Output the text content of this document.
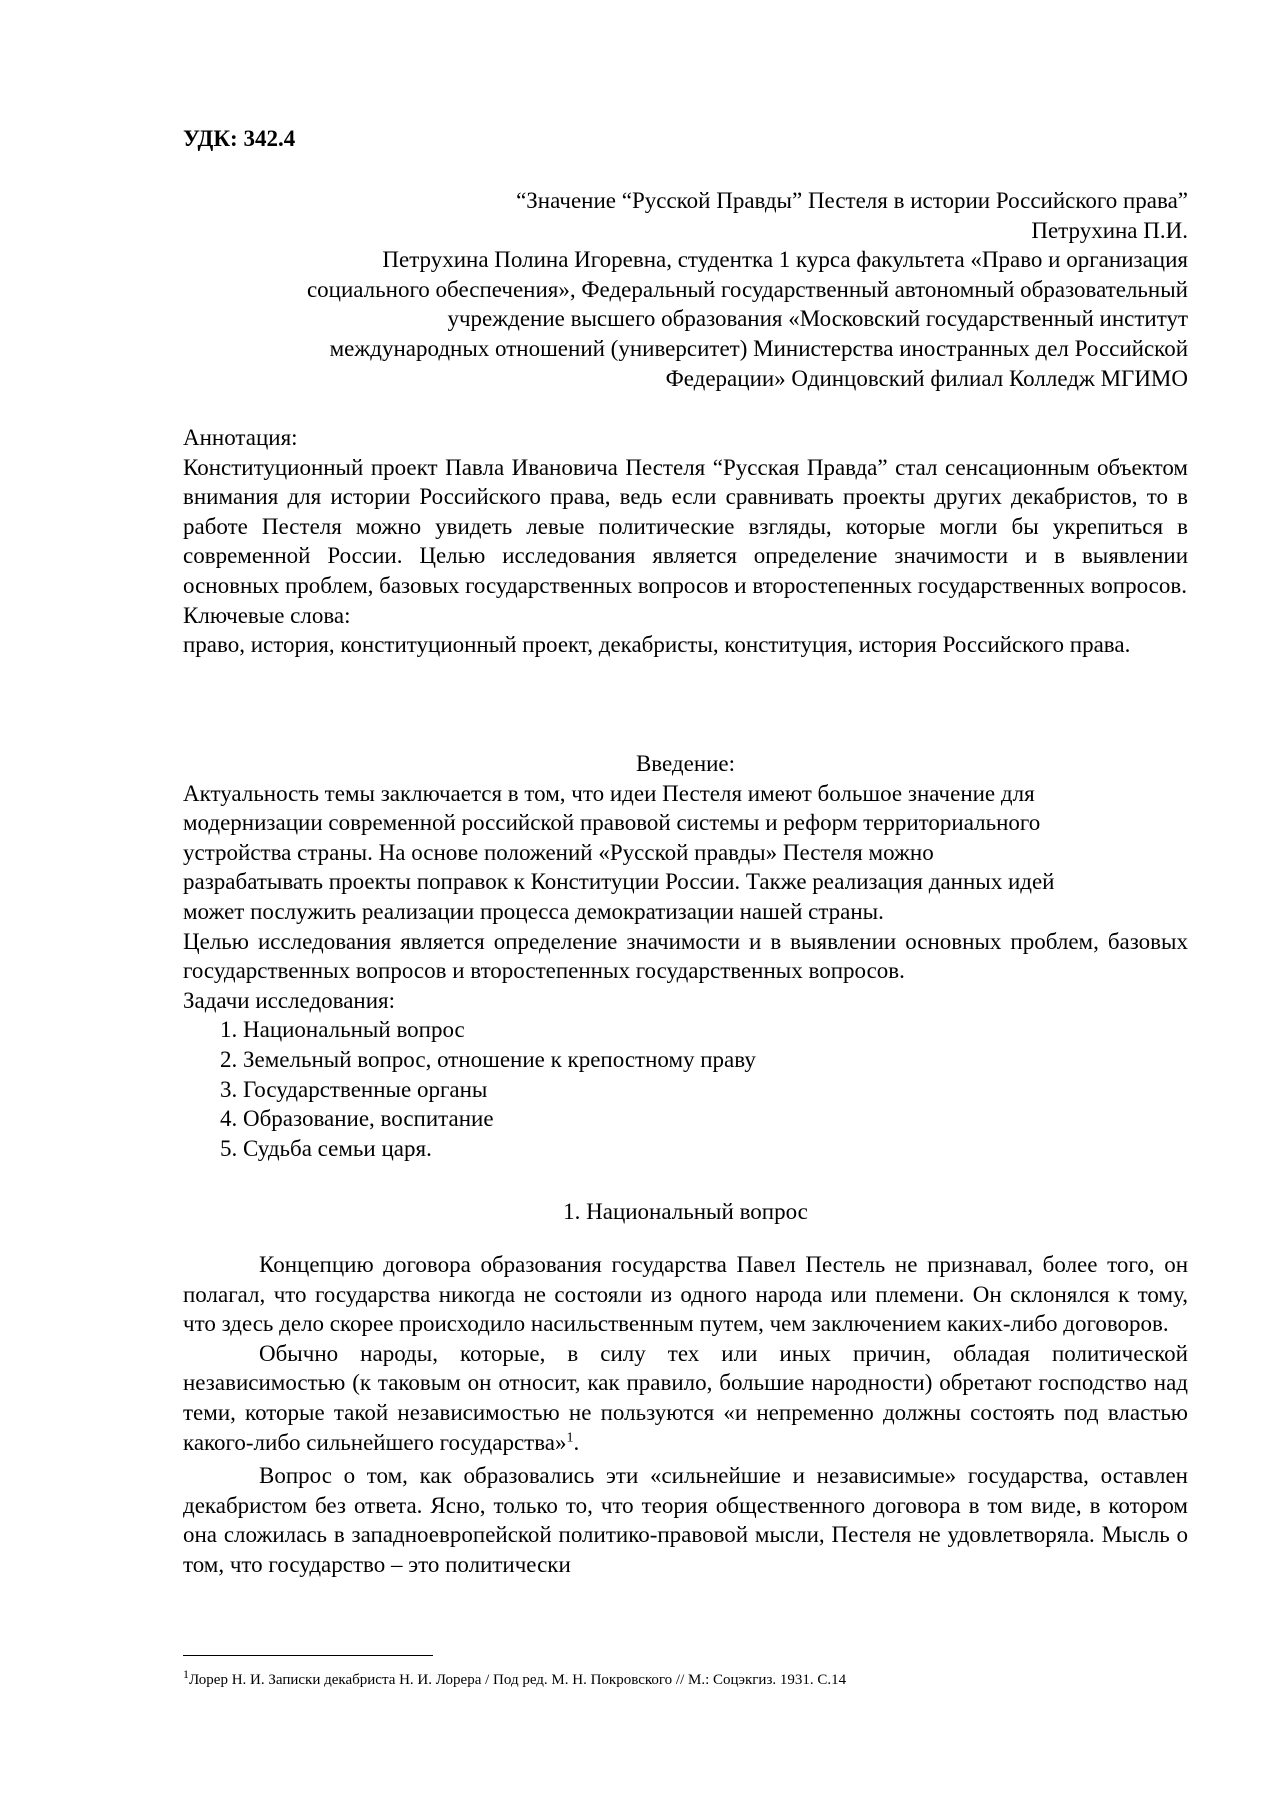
УДК: 342.4

“Значение “Русской Правды” Пестеля в истории Российского права”

Петрухина П.И.

Петрухина Полина Игоревна, студентка 1 курса факультета «Право и организация

социального обеспечения», Федеральный государственный автономный образовательный

учреждение высшего образования «Московский государственный институт

международных отношений (университет) Министерства иностранных дел Российской

Федерации» Одинцовский филиал Колледж МГИМО

Аннотация:

Конституционный проект Павла Ивановича Пестеля “Русская Правда” стал сенсационным объектом внимания для истории Российского права, ведь если сравнивать проекты других декабристов, то в работе Пестеля можно увидеть левые политические взгляды, которые могли бы укрепиться в современной России. Целью исследования является определение значимости и в выявлении основных проблем, базовых государственных вопросов и второстепенных государственных вопросов.

Ключевые слова:

право, история, конституционный проект, декабристы, конституция, история Российского права.

Введение:

Актуальность темы заключается в том, что идеи Пестеля имеют большое значение для

модернизации современной российской правовой системы и реформ территориального

устройства страны. На основе положений «Русской правды» Пестеля можно

разрабатывать проекты поправок к Конституции России. Также реализация данных идей

может послужить реализации процесса демократизации нашей страны.

Целью исследования является определение значимости и в выявлении основных проблем, базовых государственных вопросов и второстепенных государственных вопросов.

Задачи исследования:

1. Национальный вопрос
2. Земельный вопрос, отношение к крепостному праву
3. Государственные органы
4. Образование, воспитание
5. Судьба семьи царя.

1. Национальный вопрос

Концепцию договора образования государства Павел Пестель не признавал, более того, он полагал, что государства никогда не состояли из одного народа или племени. Он склонялся к тому, что здесь дело скорее происходило насильственным путем, чем заключением каких-либо договоров.

Обычно народы, которые, в силу тех или иных причин, обладая политической независимостью (к таковым он относит, как правило, большие народности) обретают господство над теми, которые такой независимостью не пользуются «и непременно должны состоять под властью какого-либо сильнейшего государства»$^1$.

Вопрос о том, как образовались эти «сильнейшие и независимые» государства, оставлен декабристом без ответа. Ясно, только то, что теория общественного договора в том виде, в котором она сложилась в западноевропейской политико-правовой мысли, Пестеля не удовлетворяла. Мысль о том, что государство – это политически

$^1$Лорер Н. И. Записки декабриста Н. И. Лорера / Под ред. М. Н. Покровского // М.: Соцэкгиз. 1931. С.14
